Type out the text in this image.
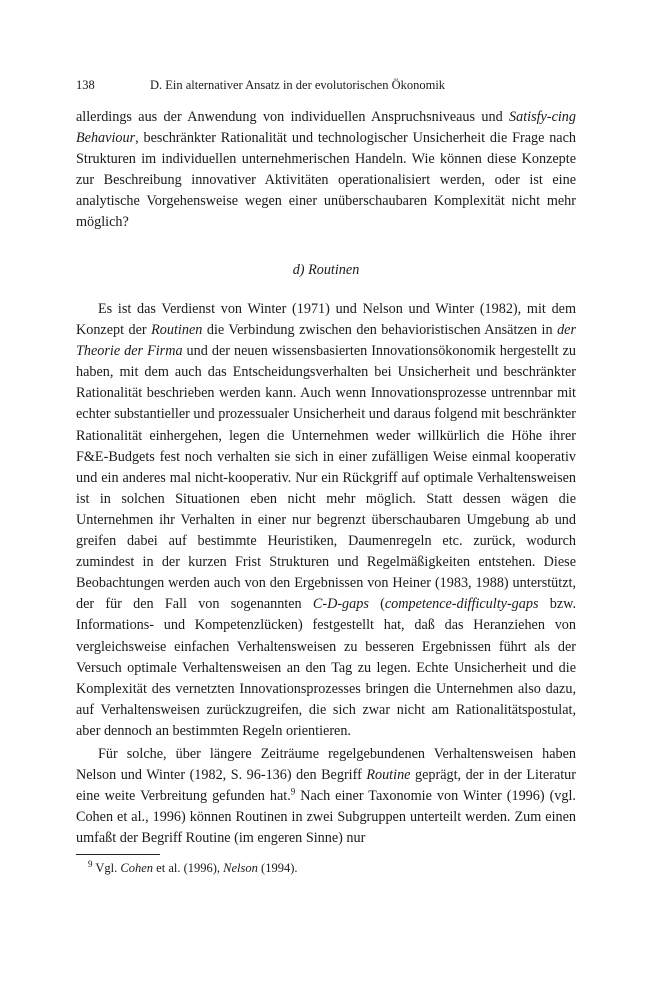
138	D. Ein alternativer Ansatz in der evolutorischen Ökonomik
allerdings aus der Anwendung von individuellen Anspruchsniveaus und Satisfy-cing Behaviour, beschränkter Rationalität und technologischer Unsicherheit die Frage nach Strukturen im individuellen unternehmerischen Handeln. Wie können diese Konzepte zur Beschreibung innovativer Aktivitäten operationalisiert werden, oder ist eine analytische Vorgehensweise wegen einer unüberschaubaren Komplexität nicht mehr möglich?
d) Routinen
Es ist das Verdienst von Winter (1971) und Nelson und Winter (1982), mit dem Konzept der Routinen die Verbindung zwischen den behavioristischen Ansätzen in der Theorie der Firma und der neuen wissensbasierten Innovationsökonomik hergestellt zu haben, mit dem auch das Entscheidungsverhalten bei Unsicherheit und beschränkter Rationalität beschrieben werden kann. Auch wenn Innovationsprozesse untrennbar mit echter substantieller und prozessualer Unsicherheit und daraus folgend mit beschränkter Rationalität einhergehen, legen die Unternehmen weder willkürlich die Höhe ihrer F&E-Budgets fest noch verhalten sie sich in einer zufälligen Weise einmal kooperativ und ein anderes mal nicht-kooperativ. Nur ein Rückgriff auf optimale Verhaltensweisen ist in solchen Situationen eben nicht mehr möglich. Statt dessen wägen die Unternehmen ihr Verhalten in einer nur begrenzt überschaubaren Umgebung ab und greifen dabei auf bestimmte Heuristiken, Daumenregeln etc. zurück, wodurch zumindest in der kurzen Frist Strukturen und Regelmäßigkeiten entstehen. Diese Beobachtungen werden auch von den Ergebnissen von Heiner (1983, 1988) unterstützt, der für den Fall von sogenannten C-D-gaps (competence-difficulty-gaps bzw. Informations- und Kompetenzlücken) festgestellt hat, daß das Heranziehen von vergleichsweise einfachen Verhaltensweisen zu besseren Ergebnissen führt als der Versuch optimale Verhaltensweisen an den Tag zu legen. Echte Unsicherheit und die Komplexität des vernetzten Innovationsprozesses bringen die Unternehmen also dazu, auf Verhaltensweisen zurückzugreifen, die sich zwar nicht am Rationalitätspostulat, aber dennoch an bestimmten Regeln orientieren.
Für solche, über längere Zeiträume regelgebundenen Verhaltensweisen haben Nelson und Winter (1982, S. 96-136) den Begriff Routine geprägt, der in der Literatur eine weite Verbreitung gefunden hat.$^9$ Nach einer Taxonomie von Winter (1996) (vgl. Cohen et al., 1996) können Routinen in zwei Subgruppen unterteilt werden. Zum einen umfaßt der Begriff Routine (im engeren Sinne) nur
$^9$ Vgl. Cohen et al. (1996), Nelson (1994).
